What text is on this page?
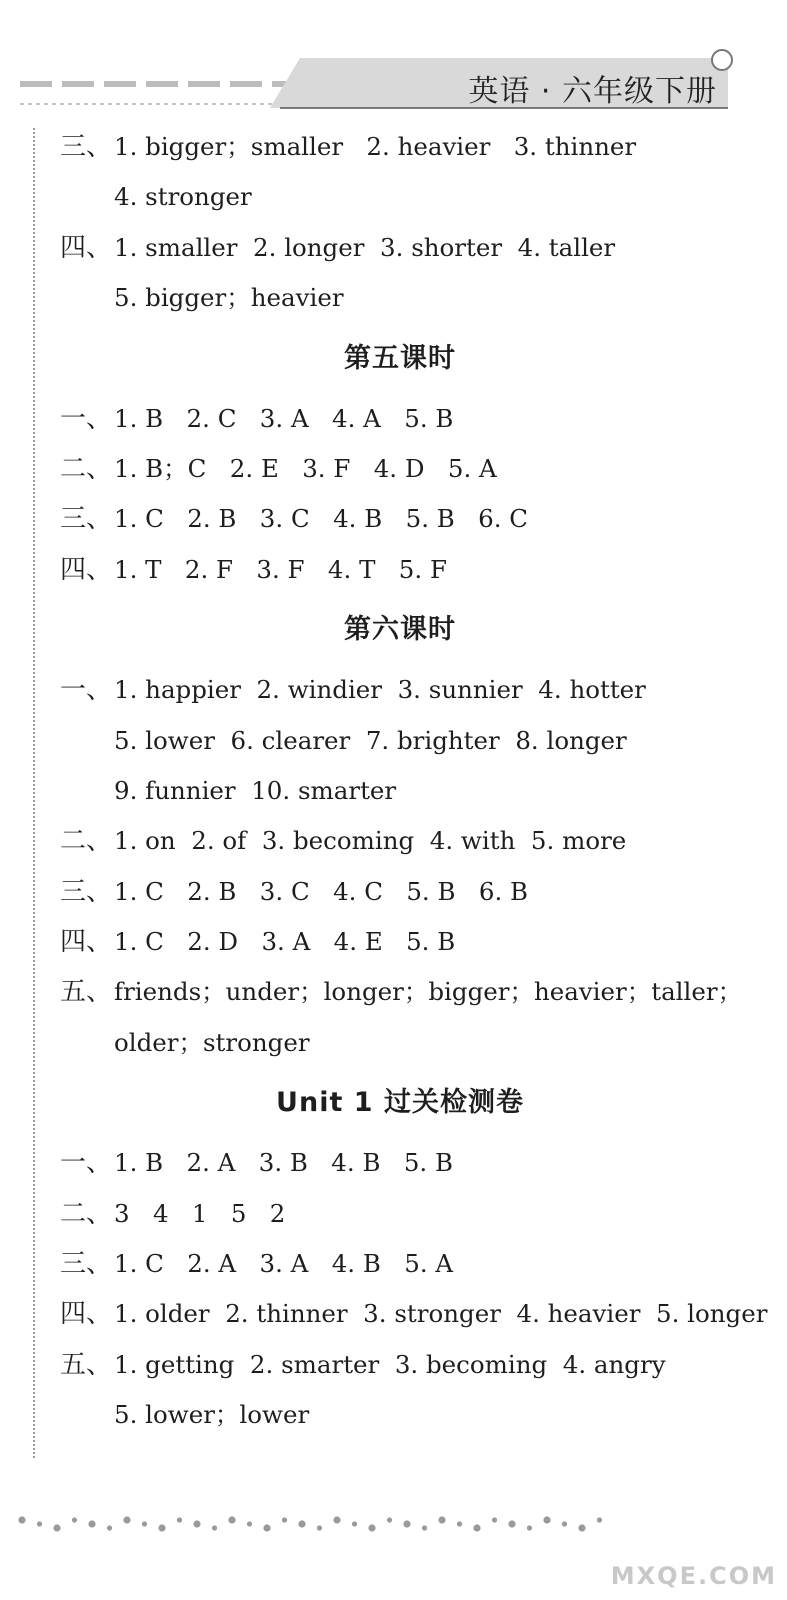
英语 · 六年级下册
三、1. bigger；smaller   2. heavier   3. thinner
4. stronger
四、1. smaller  2. longer  3. shorter  4. taller
5. bigger；heavier
第五课时
一、1. B   2. C   3. A   4. A   5. B
二、1. B；C   2. E   3. F   4. D   5. A
三、1. C   2. B   3. C   4. B   5. B   6. C
四、1. T   2. F   3. F   4. T   5. F
第六课时
一、1. happier  2. windier  3. sunnier  4. hotter
5. lower  6. clearer  7. brighter  8. longer
9. funnier  10. smarter
二、1. on  2. of  3. becoming  4. with  5. more
三、1. C   2. B   3. C   4. C   5. B   6. B
四、1. C   2. D   3. A   4. E   5. B
五、friends；under；longer；bigger；heavier；taller；
older；stronger
Unit 1 过关检测卷
一、1. B   2. A   3. B   4. B   5. B
二、3   4   1   5   2
三、1. C   2. A   3. A   4. B   5. A
四、1. older  2. thinner  3. stronger  4. heavier  5. longer
五、1. getting  2. smarter  3. becoming  4. angry
5. lower；lower
MXQE.COM
